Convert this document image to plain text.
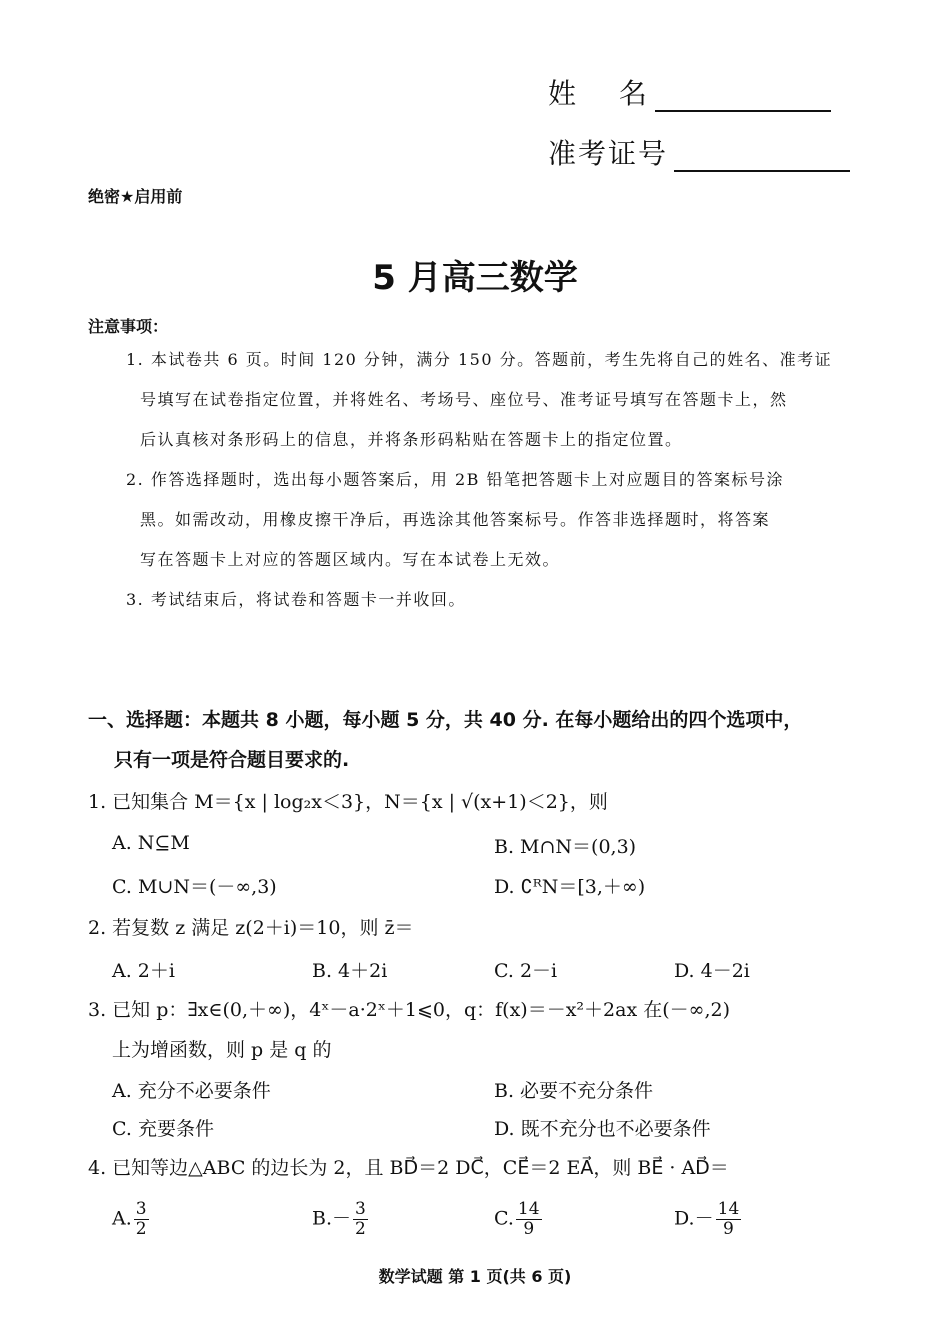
姓　 名
准考证号
绝密★启用前
5 月高三数学
注意事项：
1. 本试卷共 6 页。时间 120 分钟，满分 150 分。答题前，考生先将自己的姓名、准考证
号填写在试卷指定位置，并将姓名、考场号、座位号、准考证号填写在答题卡上，然
后认真核对条形码上的信息，并将条形码粘贴在答题卡上的指定位置。
2. 作答选择题时，选出每小题答案后，用 2B 铅笔把答题卡上对应题目的答案标号涂
黑。如需改动，用橡皮擦干净后，再选涂其他答案标号。作答非选择题时，将答案
写在答题卡上对应的答题区域内。写在本试卷上无效。
3. 考试结束后，将试卷和答题卡一并收回。
一、选择题：本题共 8 小题，每小题 5 分，共 40 分. 在每小题给出的四个选项中，
只有一项是符合题目要求的.
1. 已知集合 M＝{x | log₂x＜3}，N＝{x | √(x+1)＜2}，则
A. N⊆M	B. M∩N＝(0,3)
C. M∪N＝(－∞,3)	D. ∁ᴿN＝[3,＋∞)
2. 若复数 z 满足 z(2＋i)＝10，则 z̄＝
A. 2＋i	B. 4＋2i	C. 2－i	D. 4－2i
3. 已知 p：∃x∈(0,＋∞)，4ˣ－a·2ˣ＋1⩽0，q：f(x)＝－x²＋2ax 在(－∞,2)
上为增函数，则 p 是 q 的
A. 充分不必要条件	B. 必要不充分条件
C. 充要条件	D. 既不充分也不必要条件
4. 已知等边△ABC 的边长为 2，且 BD⃗＝2 DC⃗，CE⃗＝2 EA⃗，则 BE⃗ · AD⃗＝
A. $\frac{3}{2}$	$B.- \frac{3}{2}$	C. $\frac{14}{9}$	$D.- \frac{14}{9}$
数学试题 第 1 页(共 6 页)
